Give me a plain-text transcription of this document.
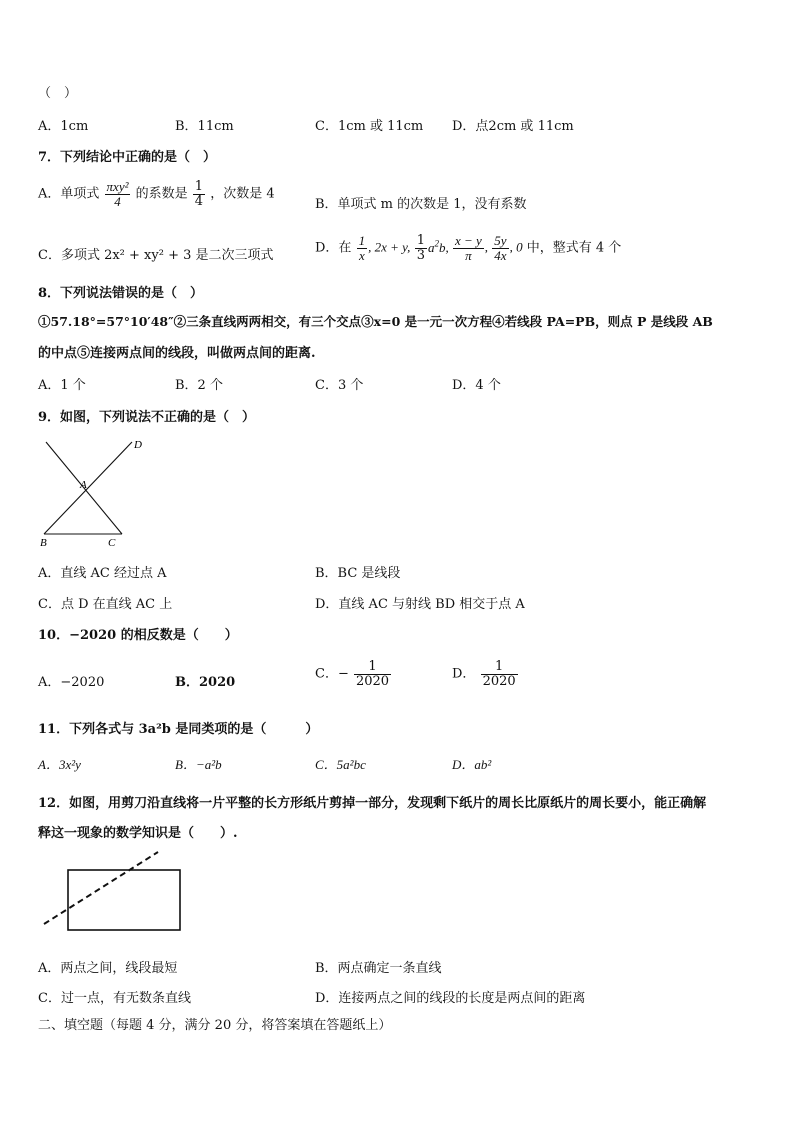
（　）
A．1cm	B．11cm	C．1cm 或 11cm D．点2cm 或 11cm
7．下列结论中正确的是（　）
A．单项式 $\frac{\text{πxy²}}{4}$ 的系数是 $\frac{1}{4}$ ，次数是 4
B．单项式 m 的次数是 1，没有系数
C．多项式 2x² + xy² + 3 是二次三项式	D．在 $\frac{1}{x}$ , 2x + y, $\frac{1}{3} a^2b$, $\frac{x - y}{\pi}$ , $\frac{5y}{4x}$ , 0 中，整式有 4 个
8．下列说法错误的是（　）
①57.18°=57°10′48″②三条直线两两相交，有三个交点③x=0 是一元一次方程④若线段 PA=PB，则点 P 是线段 AB
的中点⑤连接两点间的线段，叫做两点间的距离.
A．1 个	B．2 个	C．3 个	D．4 个
9．如图，下列说法不正确的是（　）
A
B	C
D
A．直线 AC 经过点 A	B．BC 是线段
C．点 D 在直线 AC 上	D．直线 AC 与射线 BD 相交于点 A
10．−2020 的相反数是（　　）
A．−2020	B．2020
C．− $\frac{1}{2020}$	D． $\frac{1}{2020}$
11．下列各式与 3a²b 是同类项的是（　　　）
A．3x²y	B．−a²b	C．5a²bc	D．ab²
12．如图，用剪刀沿直线将一片平整的长方形纸片剪掉一部分，发现剩下纸片的周长比原纸片的周长要小，能正确解
释这一现象的数学知识是（　　）.
A．两点之间，线段最短	B．两点确定一条直线
C．过一点，有无数条直线	D．连接两点之间的线段的长度是两点间的距离
二、填空题（每题 4 分，满分 20 分，将答案填在答题纸上）
